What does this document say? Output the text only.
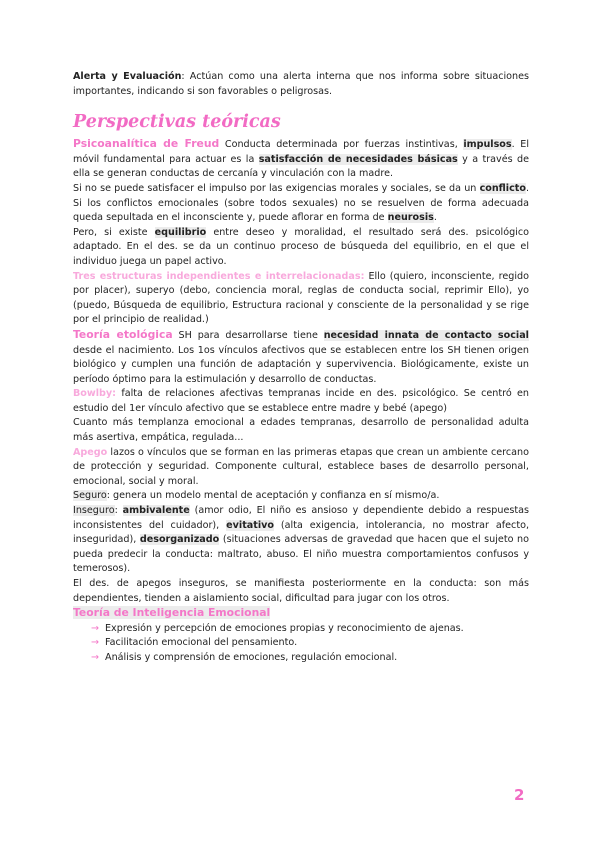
Alerta y Evaluación: Actúan como una alerta interna que nos informa sobre situaciones importantes, indicando si son favorables o peligrosas.

Perspectivas teóricas

Psicoanalítica de Freud Conducta determinada por fuerzas instintivas, impulsos. El móvil fundamental para actuar es la satisfacción de necesidades básicas y a través de ella se generan conductas de cercanía y vinculación con la madre.

Si no se puede satisfacer el impulso por las exigencias morales y sociales, se da un conflicto. Si los conflictos emocionales (sobre todos sexuales) no se resuelven de forma adecuada queda sepultada en el inconsciente y, puede aflorar en forma de neurosis.

Pero, si existe equilibrio entre deseo y moralidad, el resultado será des. psicológico adaptado. En el des. se da un continuo proceso de búsqueda del equilibrio, en el que el individuo juega un papel activo.

Tres estructuras independientes e interrelacionadas: Ello (quiero, inconsciente, regido por placer), superyo (debo, conciencia moral, reglas de conducta social, reprimir Ello), yo (puedo, Búsqueda de equilibrio, Estructura racional y consciente de la personalidad y se rige por el principio de realidad.)

Teoría etológica SH para desarrollarse tiene necesidad innata de contacto social desde el nacimiento. Los 1os vínculos afectivos que se establecen entre los SH tienen origen biológico y cumplen una función de adaptación y supervivencia. Biológicamente, existe un período óptimo para la estimulación y desarrollo de conductas.

Bowlby: falta de relaciones afectivas tempranas incide en des. psicológico. Se centró en estudio del 1er vínculo afectivo que se establece entre madre y bebé (apego)

Cuanto más templanza emocional a edades tempranas, desarrollo de personalidad adulta más asertiva, empática, regulada...

Apego lazos o vínculos que se forman en las primeras etapas que crean un ambiente cercano de protección y seguridad. Componente cultural, establece bases de desarrollo personal, emocional, social y moral.

Seguro: genera un modelo mental de aceptación y confianza en sí mismo/a.

Inseguro: ambivalente (amor odio, El niño es ansioso y dependiente debido a respuestas inconsistentes del cuidador), evitativo (alta exigencia, intolerancia, no mostrar afecto, inseguridad), desorganizado (situaciones adversas de gravedad que hacen que el sujeto no pueda predecir la conducta: maltrato, abuso. El niño muestra comportamientos confusos y temerosos).

El des. de apegos inseguros, se manifiesta posteriormente en la conducta: son más dependientes, tienden a aislamiento social, dificultad para jugar con los otros.

Teoría de Inteligencia Emocional

→ Expresión y percepción de emociones propias y reconocimiento de ajenas.
→ Facilitación emocional del pensamiento.
→ Análisis y comprensión de emociones, regulación emocional.
2
